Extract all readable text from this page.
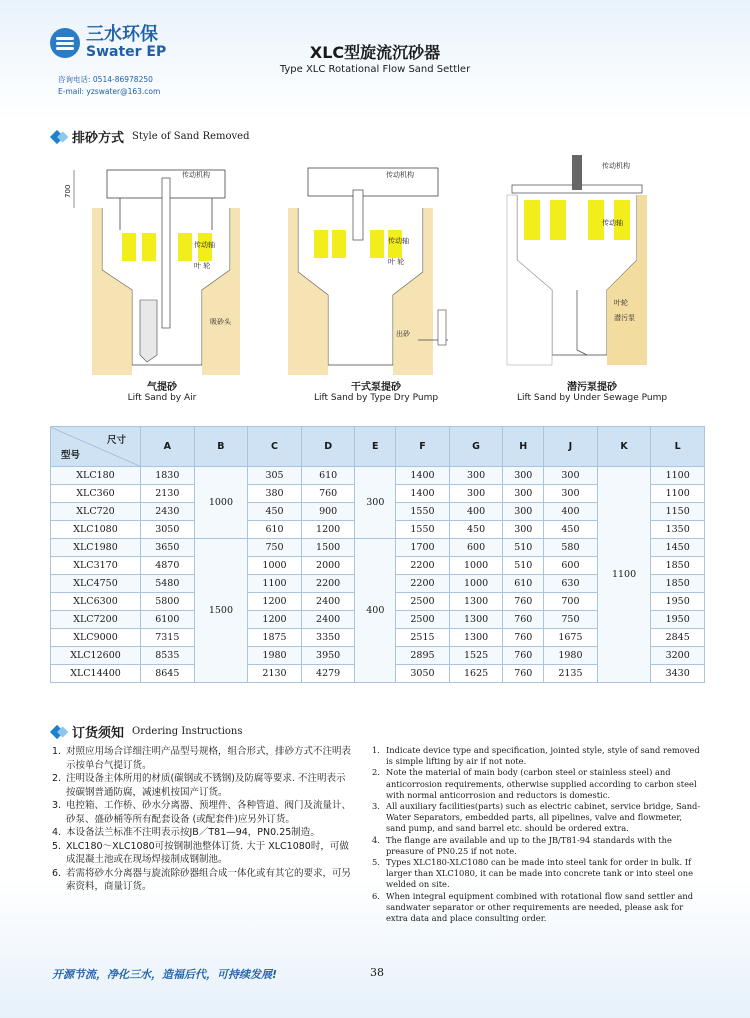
三水环保
Swater EP
咨询电话: 0514-86978250
E-mail: yzswater@163.com
XLC型旋流沉砂器
Type XLC Rotational Flow Sand Settler
排砂方式 Style of Sand Removed
700
传动机构
传动轴
叶 轮
吸砂头
气提砂
Lift Sand by Air
传动机构
传动轴
叶 轮
出砂
干式泵提砂
Lift Sand by Type Dry Pump
传动机构
传动轴
叶轮
潜污泵
潜污泵提砂
Lift Sand by Under Sewage Pump
尺寸
型号	A	B	C	D	E	F	G	H	J	K	L
XLC180	1830	1000	305	610	300	1400	300	300	300	1100	1100
XLC360	2130		380	760		1400	300	300	300		1100
XLC720	2430		450	900		1550	400	300	400		1150
XLC1080	3050		610	1200		1550	450	300	450		1350
XLC1980	3650	1500	750	1500	400	1700	600	510	580		1450
XLC3170	4870		1000	2000		2200	1000	510	600		1850
XLC4750	5480		1100	2200		2200	1000	610	630		1850
XLC6300	5800		1200	2400		2500	1300	760	700		1950
XLC7200	6100		1200	2400		2500	1300	760	750		1950
XLC9000	7315		1875	3350		2515	1300	760	1675		2845
XLC12600	8535		1980	3950		2895	1525	760	1980		3200
XLC14400	8645		2130	4279		3050	1625	760	2135		3430
订货须知 Ordering Instructions
1. 对照应用场合详细注明产品型号规格，组合形式，排砂方式不注明表示按单台气提订货。
2. 注明设备主体所用的材质(碳钢或不锈钢)及防腐等要求. 不注明表示按碳钢普通防腐，减速机按国产订货。
3. 电控箱、工作桥、砂水分离器、预埋件、各种管道、阀门及流量计、砂泵、盛砂桶等所有配套设备 (或配套件)应另外订货。
4. 本设备法兰标准不注明表示按JB／T81—94，PN0.25制造。
5. XLC180～XLC1080可按钢制池整体订货. 大于 XLC1080时，可做成混凝土池或在现场焊接制成钢制池。
6. 若需将砂水分离器与旋流除砂器组合成一体化或有其它的要求，可另索资料，商量订货。
1. Indicate device type and specification, jointed style, style of sand removed is simple lifting by air if not note.
2. Note the material of main body (carbon steel or stainless steel) and anticorrosion requirements, otherwise supplied according to carbon steel with normal anticorrosion and reductors is domestic.
3. All auxiliary facilities(parts) such as electric cabinet, service bridge, Sand-Water Separators, embedded parts, all pipelines, valve and flowmeter, sand pump, and sand barrel etc. should be ordered extra.
4. The flange are available and up to the JB/T81-94 standards with the preasure of PN0.25 if not note.
5. Types XLC180-XLC1080 can be made into steel tank for order in bulk. If larger than XLC1080, it can be made into concrete tank or into steel one welded on site.
6. When integral equipment combined with rotational flow sand settler and sandwater separator or other requirements are needed, please ask for extra data and place consulting order.
开源节流，净化三水，造福后代，可持续发展!	38
